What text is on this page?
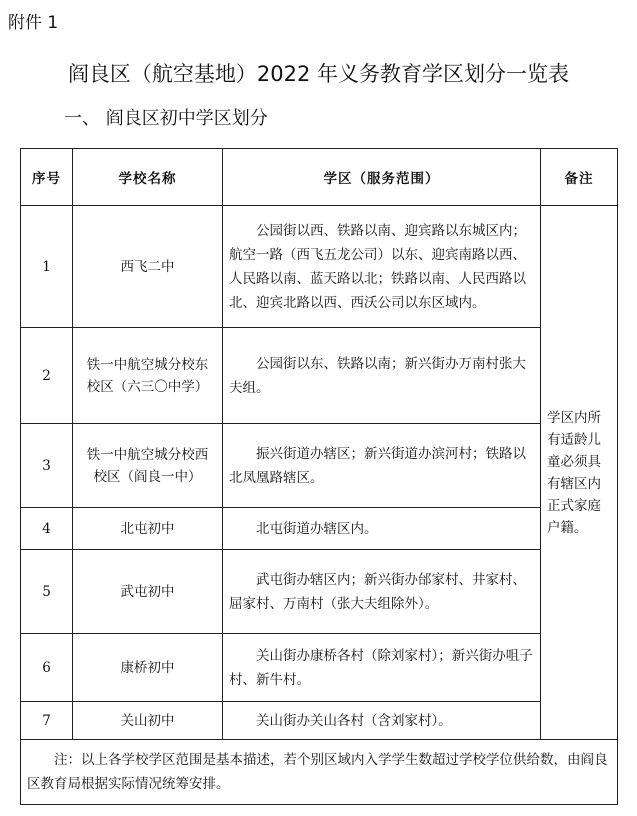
附件 1
阎良区（航空基地）2022 年义务教育学区划分一览表
一、 阎良区初中学区划分
序号	学校名称	学区（服务范围）	备注
1	西飞二中	公园街以西、铁路以南、迎宾路以东城区内；航空一路（西飞五龙公司）以东、迎宾南路以西、人民路以南、蓝天路以北；铁路以南、人民西路以北、迎宾北路以西、西沃公司以东区域内。	学区内所有适龄儿童必须具有辖区内正式家庭户籍。
2	铁一中航空城分校东校区（六三〇中学）	公园街以东、铁路以南；新兴街办万南村张大夫组。	
3	铁一中航空城分校西校区（阎良一中）	振兴街道办辖区；新兴街道办滨河村；铁路以北凤凰路辖区。	
4	北屯初中	北屯街道办辖区内。	
5	武屯初中	武屯街办辖区内；新兴街办邰家村、井家村、屈家村、万南村（张大夫组除外）。	
6	康桥初中	关山街办康桥各村（除刘家村）；新兴街办咀子村、新牛村。	
7	关山初中	关山街办关山各村（含刘家村）。	
注：以上各学校学区范围是基本描述，若个别区域内入学学生数超过学校学位供给数，由阎良区教育局根据实际情况统筹安排。			
